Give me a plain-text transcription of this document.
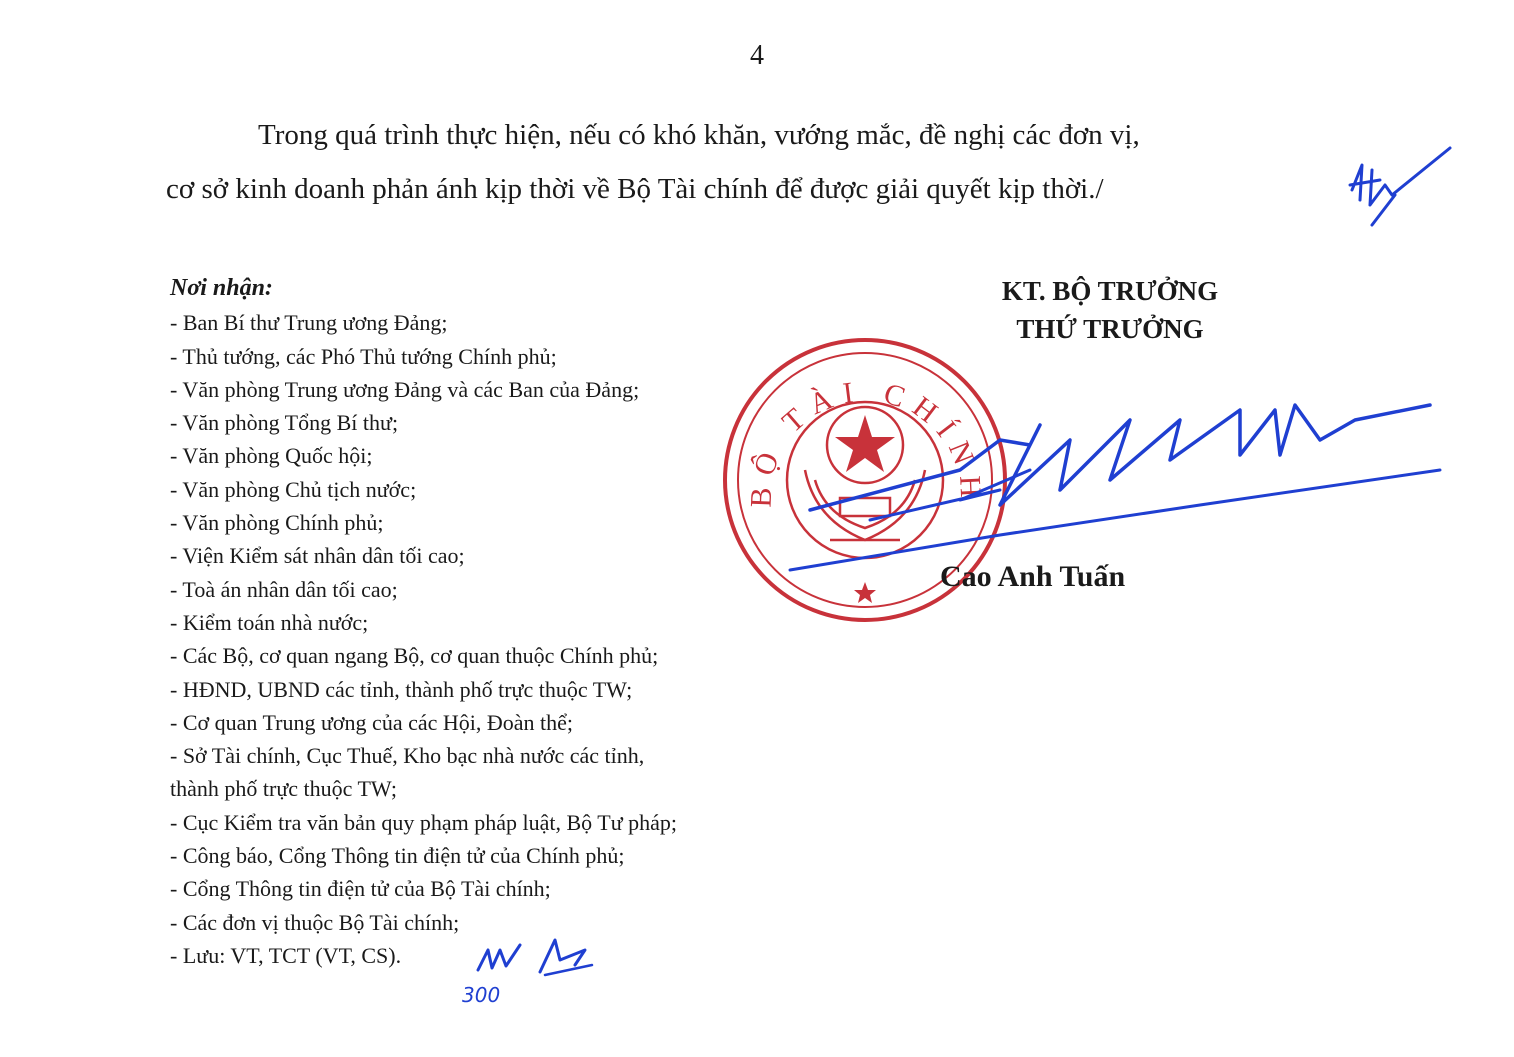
4
Trong quá trình thực hiện, nếu có khó khăn, vướng mắc, đề nghị các đơn vị,
cơ sở kinh doanh phản ánh kịp thời về Bộ Tài chính để được giải quyết kịp thời./
Nơi nhận:
- Ban Bí thư Trung ương Đảng;
- Thủ tướng, các Phó Thủ tướng Chính phủ;
- Văn phòng Trung ương Đảng và các Ban của Đảng;
- Văn phòng Tổng Bí thư;
- Văn phòng Quốc hội;
- Văn phòng Chủ tịch nước;
- Văn phòng Chính phủ;
- Viện Kiểm sát nhân dân tối cao;
- Toà án nhân dân tối cao;
- Kiểm toán nhà nước;
- Các Bộ, cơ quan ngang Bộ, cơ quan thuộc Chính phủ;
- HĐND, UBND các tỉnh, thành phố trực thuộc TW;
- Cơ quan Trung ương của các Hội, Đoàn thể;
- Sở Tài chính, Cục Thuế, Kho bạc nhà nước các tỉnh,
thành phố trực thuộc TW;
- Cục Kiểm tra văn bản quy phạm pháp luật, Bộ Tư pháp;
- Công báo, Cổng Thông tin điện tử của Chính phủ;
- Cổng Thông tin điện tử của Bộ Tài chính;
- Các đơn vị thuộc Bộ Tài chính;
- Lưu: VT, TCT (VT, CS).
KT. BỘ TRƯỞNG
THỨ TRƯỞNG
BỘ TÀI CHÍNH
Cao Anh Tuấn
300
